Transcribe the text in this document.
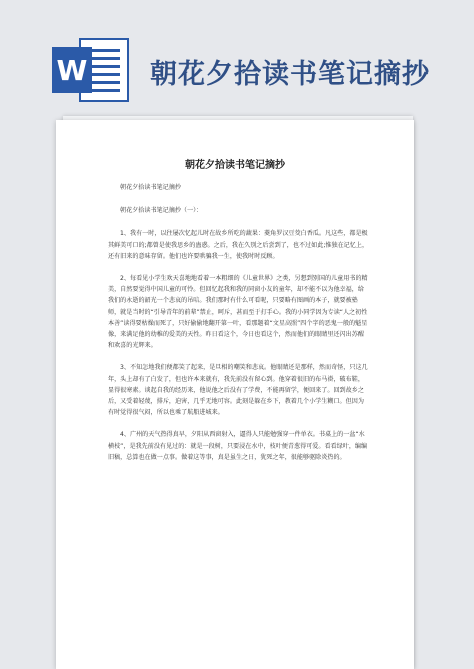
W 朝花夕拾读书笔记摘抄
朝花夕拾读书笔记摘抄

朝花夕拾读书笔记摘抄

朝花夕拾读书笔记摘抄（一）：

1、我有一时，以往屡次忆起儿时在故乡所吃的蔬果：菱角罗汉豆茭白香瓜。凡这些，都是极其鲜美可口的;都曾是使我思乡的蛊惑。之后，我在久别之后尝到了，也不过如此;惟独在记忆上，还有旧来的意味存留。他们也许要哄骗我一生，使我时时反顾。

2、每看见小学生欢天喜地地看着一本粗细的《儿童世界》之类，另想到别国的儿童用书的精美，自然要觉得中国儿童的可怜。但回忆起我和我的同窗小友的童年，却不能不以为他幸福，给我们的永逝的韶光一个悲哀的吊唁。我们那时有什么可看呢，只要略有图画的本子，就要被塾师，就是当时的“引导青年的前辈”禁止，呵斥，甚而至于打手心。我的小同学因为专读“人之初性本善”读得要枯燥而死了，只好偷偷地翻开第一叶，看那题着“文星高照”四个字的恶鬼一般的魁星像，来满足他的幼稚的爱美的天性。昨日看这个，今日也看这个，然而他们的眼睛里还闪出苏醒和欢喜的光辉来。

3、不知怎地我们便都笑了起来，是旦相的嘲笑和悲哀。他眼睛还是那样，然而奇怪，只这几年，头上却有了白发了，但也许本来就有，我先前没有留心到。他穿着很旧的布马褂，破布鞋，显得很寒素。谈起自我的经历来，他说他之后没有了学费，不能再留学，便回来了。回到故乡之后，又受着轻蔑，排斥，迫害，几乎无地可容。此刻是躲在乡下，教着几个小学生糊口。但因为有时觉得很气闷，所以也乘了航船进城来。

4、广州的天气热得真早，夕阳从西窗射入，逼得人只能勉强穿一件单衣。书桌上的一盆“水横枝”，是我先前没有见过的：就是一段树，只要浸在水中，枝叶便青葱得可爱。看看绿叶，编编旧稿，总算也在做一点事。做着这等事，真是虽生之日，犹死之年，很能够驱除炎热的。
